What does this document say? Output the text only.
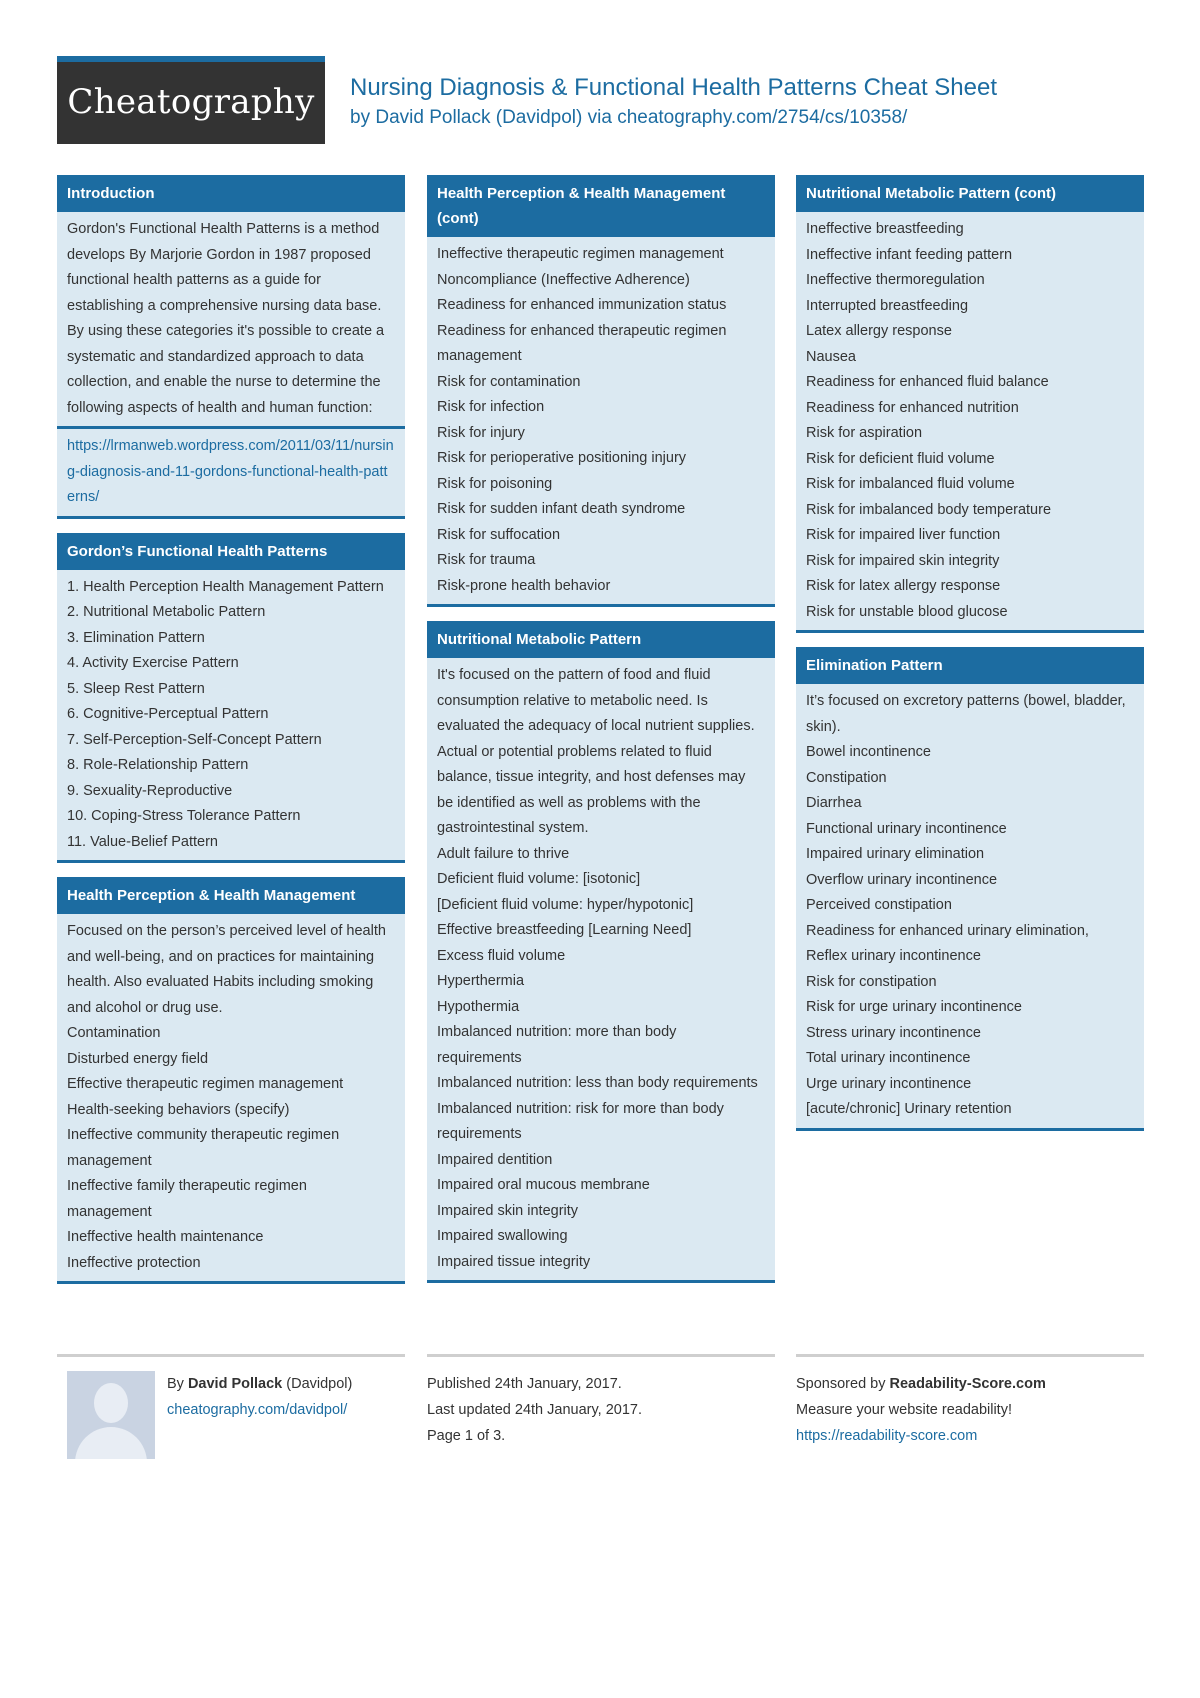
Cheatography	Nursing Diagnosis & Functional Health Patterns Cheat Sheet
by David Pollack (Davidpol) via cheatography.com/2754/cs/10358/
Introduction
Gordon's Functional Health Patterns is a method develops By Marjorie Gordon in 1987 proposed functional health patterns as a guide for establishing a comprehensive nursing data base. By using these categories it's possible to create a systematic and standardized approach to data collection, and enable the nurse to determine the following aspects of health and human function:
https://lrmanweb.wordpress.com/2011/03/11/nursing-diagnosis-and-11-gordons-functional-health-patterns/
Gordon’s Functional Health Patterns
1. Health Perception Health Management Pattern
2. Nutritional Metabolic Pattern
3. Elimination Pattern
4. Activity Exercise Pattern
5. Sleep Rest Pattern
6. Cognitive-Perceptual Pattern
7. Self-Perception-Self-Concept Pattern
8. Role-Relationship Pattern
9. Sexuality-Reproductive
10. Coping-Stress Tolerance Pattern
11. Value-Belief Pattern
Health Perception & Health Management
Focused on the person’s perceived level of health and well-being, and on practices for maintaining health. Also evaluated Habits including smoking and alcohol or drug use.
Contamination
Disturbed energy field
Effective therapeutic regimen management
Health-seeking behaviors (specify)
Ineffective community therapeutic regimen management
Ineffective family therapeutic regimen management
Ineffective health maintenance
Ineffective protection
Health Perception & Health Management (cont)
Ineffective therapeutic regimen management
Noncompliance (Ineffective Adherence)
Readiness for enhanced immunization status
Readiness for enhanced therapeutic regimen management
Risk for contamination
Risk for infection
Risk for injury
Risk for perioperative positioning injury
Risk for poisoning
Risk for sudden infant death syndrome
Risk for suffocation
Risk for trauma
Risk-prone health behavior
Nutritional Metabolic Pattern
It's focused on the pattern of food and fluid consumption relative to metabolic need. Is evaluated the adequacy of local nutrient supplies. Actual or potential problems related to fluid balance, tissue integrity, and host defenses may be identified as well as problems with the gastrointestinal system.
Adult failure to thrive
Deficient fluid volume: [isotonic]
[Deficient fluid volume: hyper/hypotonic]
Effective breastfeeding [Learning Need]
Excess fluid volume
Hyperthermia
Hypothermia
Imbalanced nutrition: more than body requirements
Imbalanced nutrition: less than body requirements
Imbalanced nutrition: risk for more than body requirements
Impaired dentition
Impaired oral mucous membrane
Impaired skin integrity
Impaired swallowing
Impaired tissue integrity
Nutritional Metabolic Pattern (cont)
Ineffective breastfeeding
Ineffective infant feeding pattern
Ineffective thermoregulation
Interrupted breastfeeding
Latex allergy response
Nausea
Readiness for enhanced fluid balance
Readiness for enhanced nutrition
Risk for aspiration
Risk for deficient fluid volume
Risk for imbalanced fluid volume
Risk for imbalanced body temperature
Risk for impaired liver function
Risk for impaired skin integrity
Risk for latex allergy response
Risk for unstable blood glucose
Elimination Pattern
It’s focused on excretory patterns (bowel, bladder, skin).
Bowel incontinence
Constipation
Diarrhea
Functional urinary incontinence
Impaired urinary elimination
Overflow urinary incontinence
Perceived constipation
Readiness for enhanced urinary elimination,
Reflex urinary incontinence
Risk for constipation
Risk for urge urinary incontinence
Stress urinary incontinence
Total urinary incontinence
Urge urinary incontinence
[acute/chronic] Urinary retention
By David Pollack (Davidpol)
cheatography.com/davidpol/
Published 24th January, 2017.
Last updated 24th January, 2017.
Page 1 of 3.
Sponsored by Readability-Score.com
Measure your website readability!
https://readability-score.com
